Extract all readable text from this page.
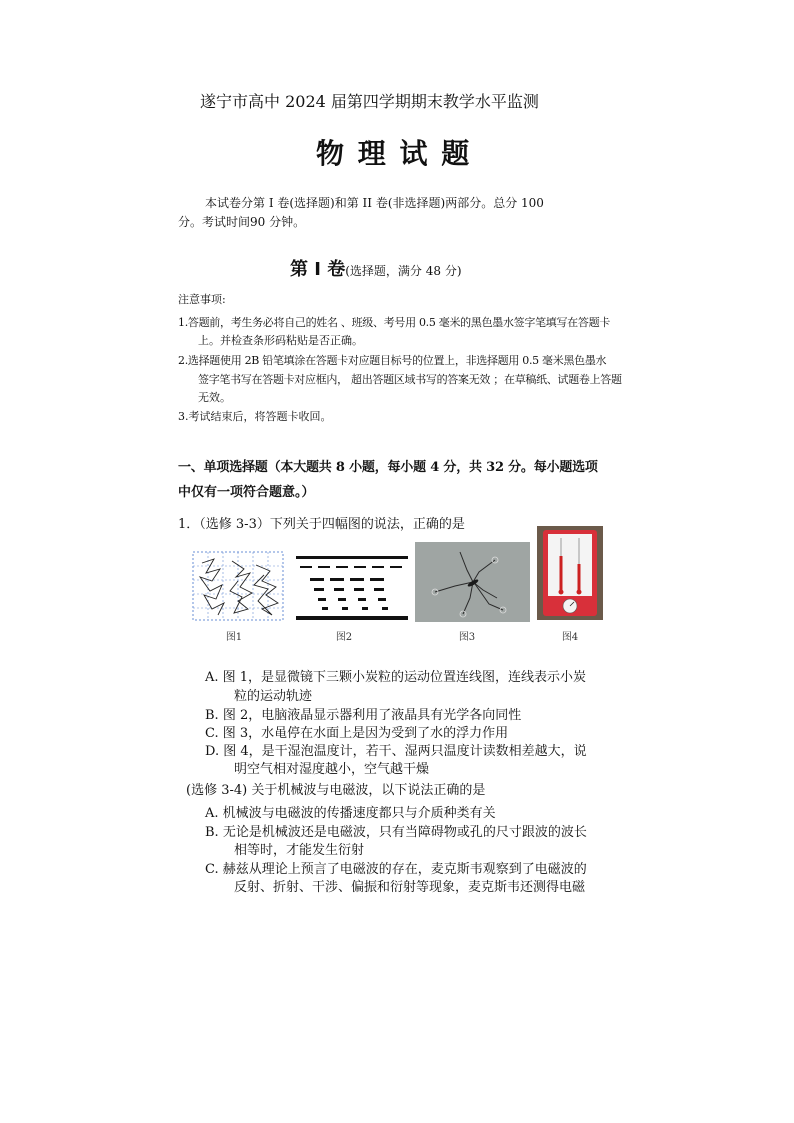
遂宁市高中 2024 届第四学期期末教学水平监测
物 理 试 题
本试卷分第 I 卷(选择题)和第 II 卷(非选择题)两部分。总分 100
分。考试时间90 分钟。
第 Ⅰ 卷(选择题，满分 48 分)
注意事项:
1.答题前，考生务必将自己的姓名 、班级、考号用 0.5 毫米的黑色墨水签字笔填写在答题卡
上。并检查条形码粘贴是否正确。
2.选择题使用 2B 铅笔填涂在答题卡对应题目标号的位置上，非选择题用 0.5 毫米黑色墨水
签字笔书写在答题卡对应框内， 超出答题区域书写的答案无效 ；在草稿纸、试题卷上答题
无效。
3.考试结束后，将答题卡收回。
一、单项选择题（本大题共 8 小题，每小题 4 分，共 32 分。每小题选项
中仅有一项符合题意。）
1．（选修 3-3）下列关于四幅图的说法，正确的是
图1	图2	图3	图4
A. 图 1，是显微镜下三颗小炭粒的运动位置连线图，连线表示小炭
粒的运动轨迹
B. 图 2，电脑液晶显示器利用了液晶具有光学各向同性
C. 图 3，水黾停在水面上是因为受到了水的浮力作用
D. 图 4，是干湿泡温度计，若干、湿两只温度计读数相差越大，说
明空气相对湿度越小，空气越干燥
(选修 3-4) 关于机械波与电磁波，以下说法正确的是
A. 机械波与电磁波的传播速度都只与介质种类有关
B. 无论是机械波还是电磁波，只有当障碍物或孔的尺寸跟波的波长
相等时，才能发生衍射
C. 赫兹从理论上预言了电磁波的存在，麦克斯韦观察到了电磁波的
反射、折射、干涉、偏振和衍射等现象，麦克斯韦还测得电磁
